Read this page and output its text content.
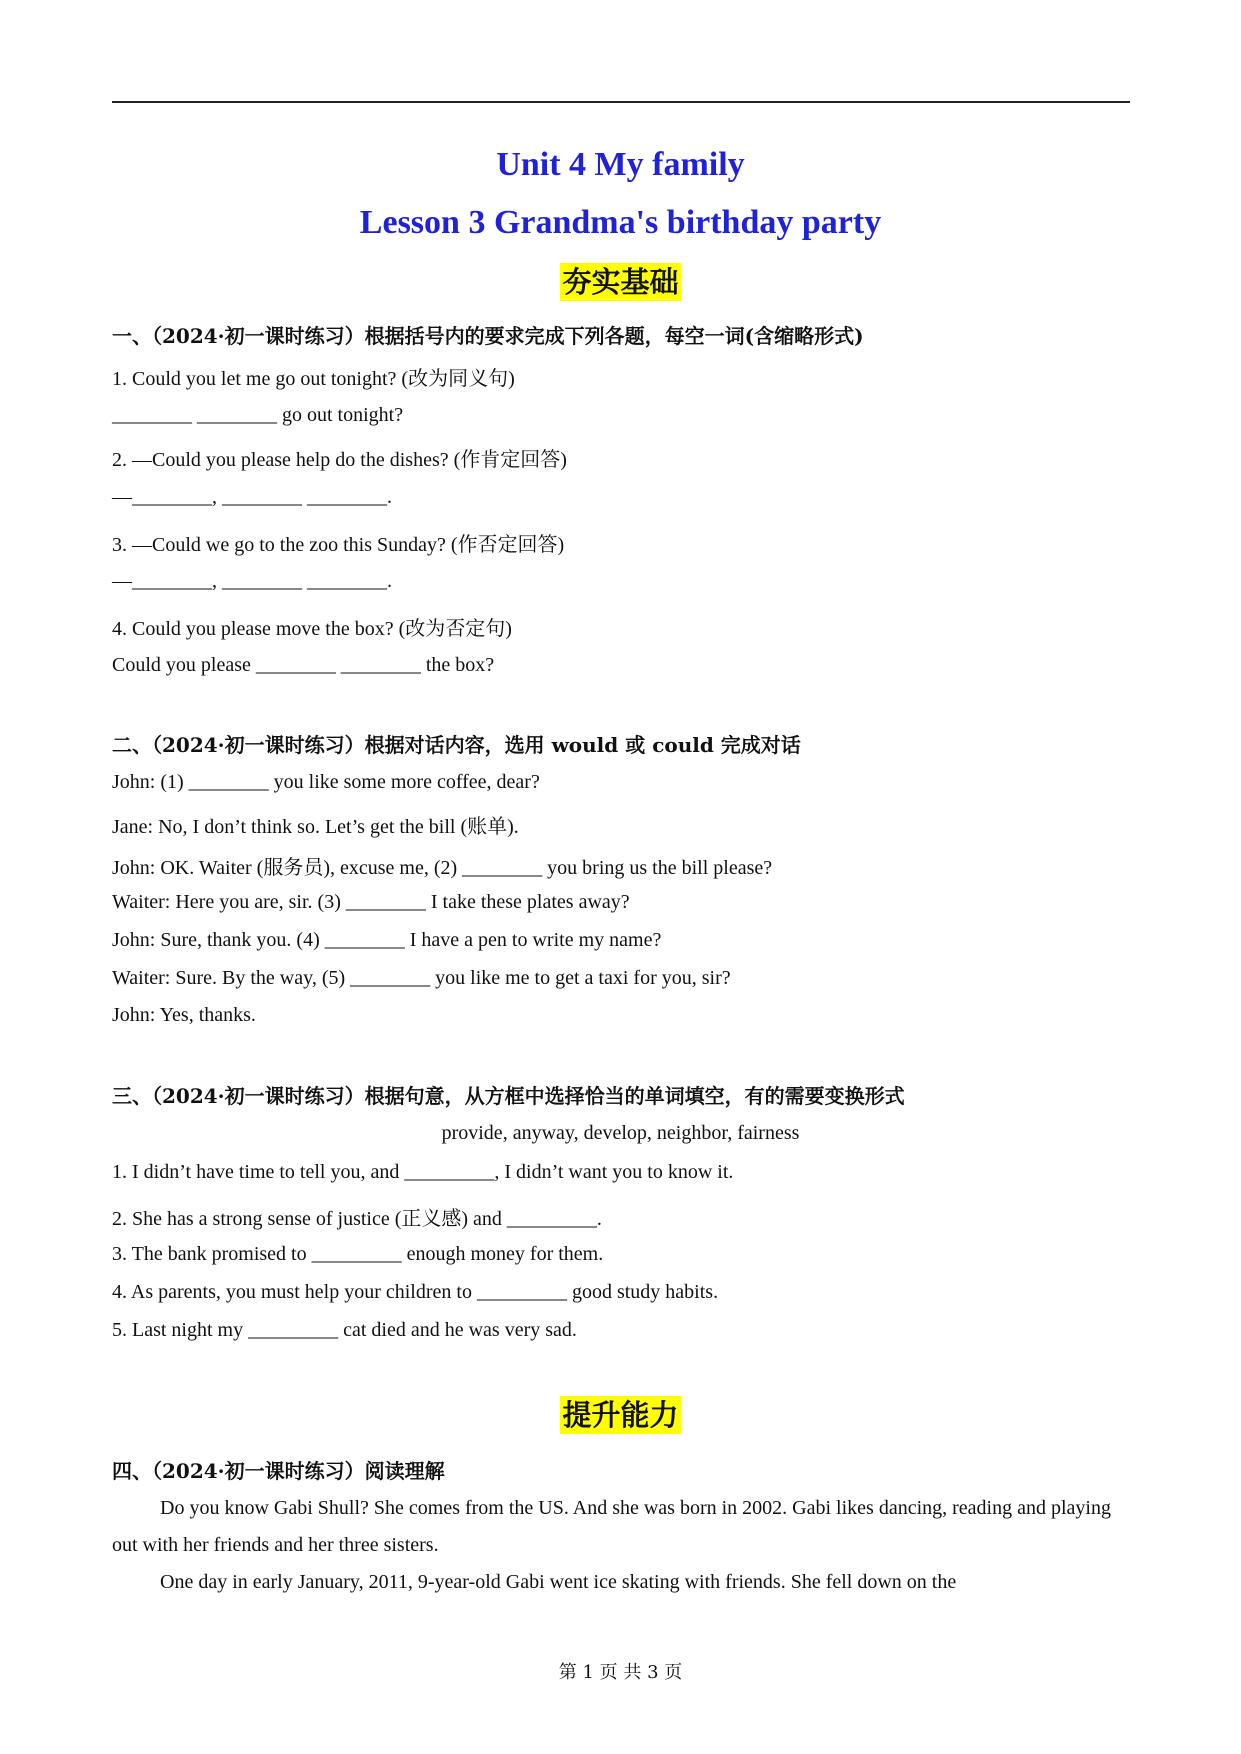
Unit 4 My family
Lesson 3 Grandma's birthday party
夯实基础
一、（2024·初一课时练习）根据括号内的要求完成下列各题，每空一词(含缩略形式)
1. Could you let me go out tonight? (改为同义句)
________ ________ go out tonight?
2. —Could you please help do the dishes? (作肯定回答)
—________, ________ ________.
3. —Could we go to the zoo this Sunday? (作否定回答)
—________, ________ ________.
4. Could you please move the box? (改为否定句)
Could you please ________ ________ the box?
二、（2024·初一课时练习）根据对话内容，选用 would 或 could 完成对话
John: (1) ________ you like some more coffee, dear?
Jane: No, I don’t think so. Let’s get the bill (账单).
John: OK. Waiter (服务员), excuse me, (2) ________ you bring us the bill please?
Waiter: Here you are, sir. (3) ________ I take these plates away?
John: Sure, thank you. (4) ________ I have a pen to write my name?
Waiter: Sure. By the way, (5) ________ you like me to get a taxi for you, sir?
John: Yes, thanks.
三、（2024·初一课时练习）根据句意，从方框中选择恰当的单词填空，有的需要变换形式
provide, anyway, develop, neighbor, fairness
1. I didn’t have time to tell you, and _________, I didn’t want you to know it.
2. She has a strong sense of justice (正义感) and _________.
3. The bank promised to _________ enough money for them.
4. As parents, you must help your children to _________ good study habits.
5. Last night my _________ cat died and he was very sad.
提升能力
四、（2024·初一课时练习）阅读理解
Do you know Gabi Shull? She comes from the US. And she was born in 2002. Gabi likes dancing, reading and playing out with her friends and her three sisters.
One day in early January, 2011, 9-year-old Gabi went ice skating with friends. She fell down on the
第 1 页 共 3 页
